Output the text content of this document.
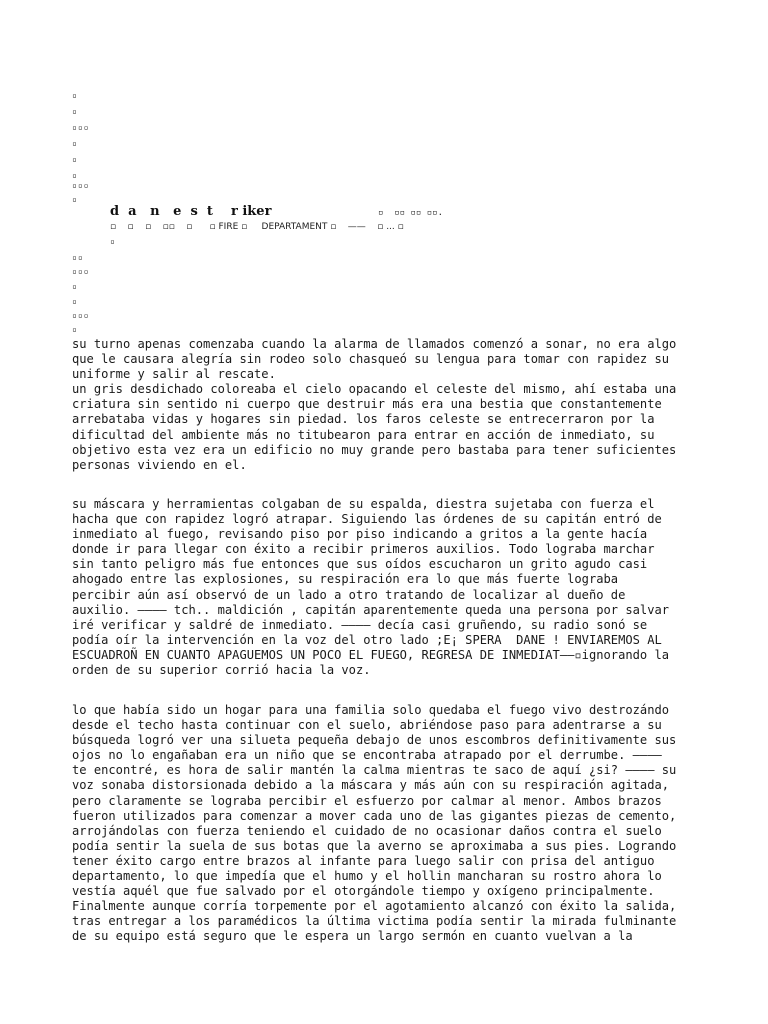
▫
▫
▫▫▫
▫
▫
▫
▫▫▫
▫
d  a   n   e  s  t    r iker	▫  ▫▫ ▫▫ ▫▫.
▫    ▫    ▫    ▫▫    ▫      ▫ FIRE ▫     DEPARTAMENT ▫    ——    ▫ ... ▫
▫
▫▫
▫▫▫
▫
▫
▫▫▫
▫

su turno apenas comenzaba cuando la alarma de llamados comenzó a sonar, no era algo
que le causara alegría sin rodeo solo chasqueó su lengua para tomar con rapidez su
uniforme y salir al rescate.
un gris desdichado coloreaba el cielo opacando el celeste del mismo, ahí estaba una
criatura sin sentido ni cuerpo que destruir más era una bestia que constantemente
arrebataba vidas y hogares sin piedad. los faros celeste se entrecerraron por la
dificultad del ambiente más no titubearon para entrar en acción de inmediato, su
objetivo esta vez era un edificio no muy grande pero bastaba para tener suficientes
personas viviendo en el.

su máscara y herramientas colgaban de su espalda, diestra sujetaba con fuerza el
hacha que con rapidez logró atrapar. Siguiendo las órdenes de su capitán entró de
inmediato al fuego, revisando piso por piso indicando a gritos a la gente hacía
donde ir para llegar con éxito a recibir primeros auxilios. Todo lograba marchar
sin tanto peligro más fue entonces que sus oídos escucharon un grito agudo casi
ahogado entre las explosiones, su respiración era lo que más fuerte lograba
percibir aún así observó de un lado a otro tratando de localizar al dueño de
auxilio. ———— tch.. maldición , capitán aparentemente queda una persona por salvar
iré verificar y saldré de inmediato. ———— decía casi gruñendo, su radio sonó se
podía oír la intervención en la voz del otro lado ;E¡ SPERA  DANE ! ENVIAREMOS AL
ESCUADROÑ EN CUANTO APAGUEMOS UN POCO EL FUEGO, REGRESA DE INMEDIAT——▫ignorando la
orden de su superior corrió hacia la voz.

lo que había sido un hogar para una familia solo quedaba el fuego vivo destrozándo
desde el techo hasta continuar con el suelo, abriéndose paso para adentrarse a su
búsqueda logró ver una silueta pequeña debajo de unos escombros definitivamente sus
ojos no lo engañaban era un niño que se encontraba atrapado por el derrumbe. ————
te encontré, es hora de salir mantén la calma mientras te saco de aquí ¿si? ———— su
voz sonaba distorsionada debido a la máscara y más aún con su respiración agitada,
pero claramente se lograba percibir el esfuerzo por calmar al menor. Ambos brazos
fueron utilizados para comenzar a mover cada uno de las gigantes piezas de cemento,
arrojándolas con fuerza teniendo el cuidado de no ocasionar daños contra el suelo
podía sentir la suela de sus botas que la averno se aproximaba a sus pies. Logrando
tener éxito cargo entre brazos al infante para luego salir con prisa del antiguo
departamento, lo que impedía que el humo y el hollin mancharan su rostro ahora lo
vestía aquél que fue salvado por el otorgándole tiempo y oxígeno principalmente.
Finalmente aunque corría torpemente por el agotamiento alcanzó con éxito la salida,
tras entregar a los paramédicos la última victima podía sentir la mirada fulminante
de su equipo está seguro que le espera un largo sermón en cuanto vuelvan a la
